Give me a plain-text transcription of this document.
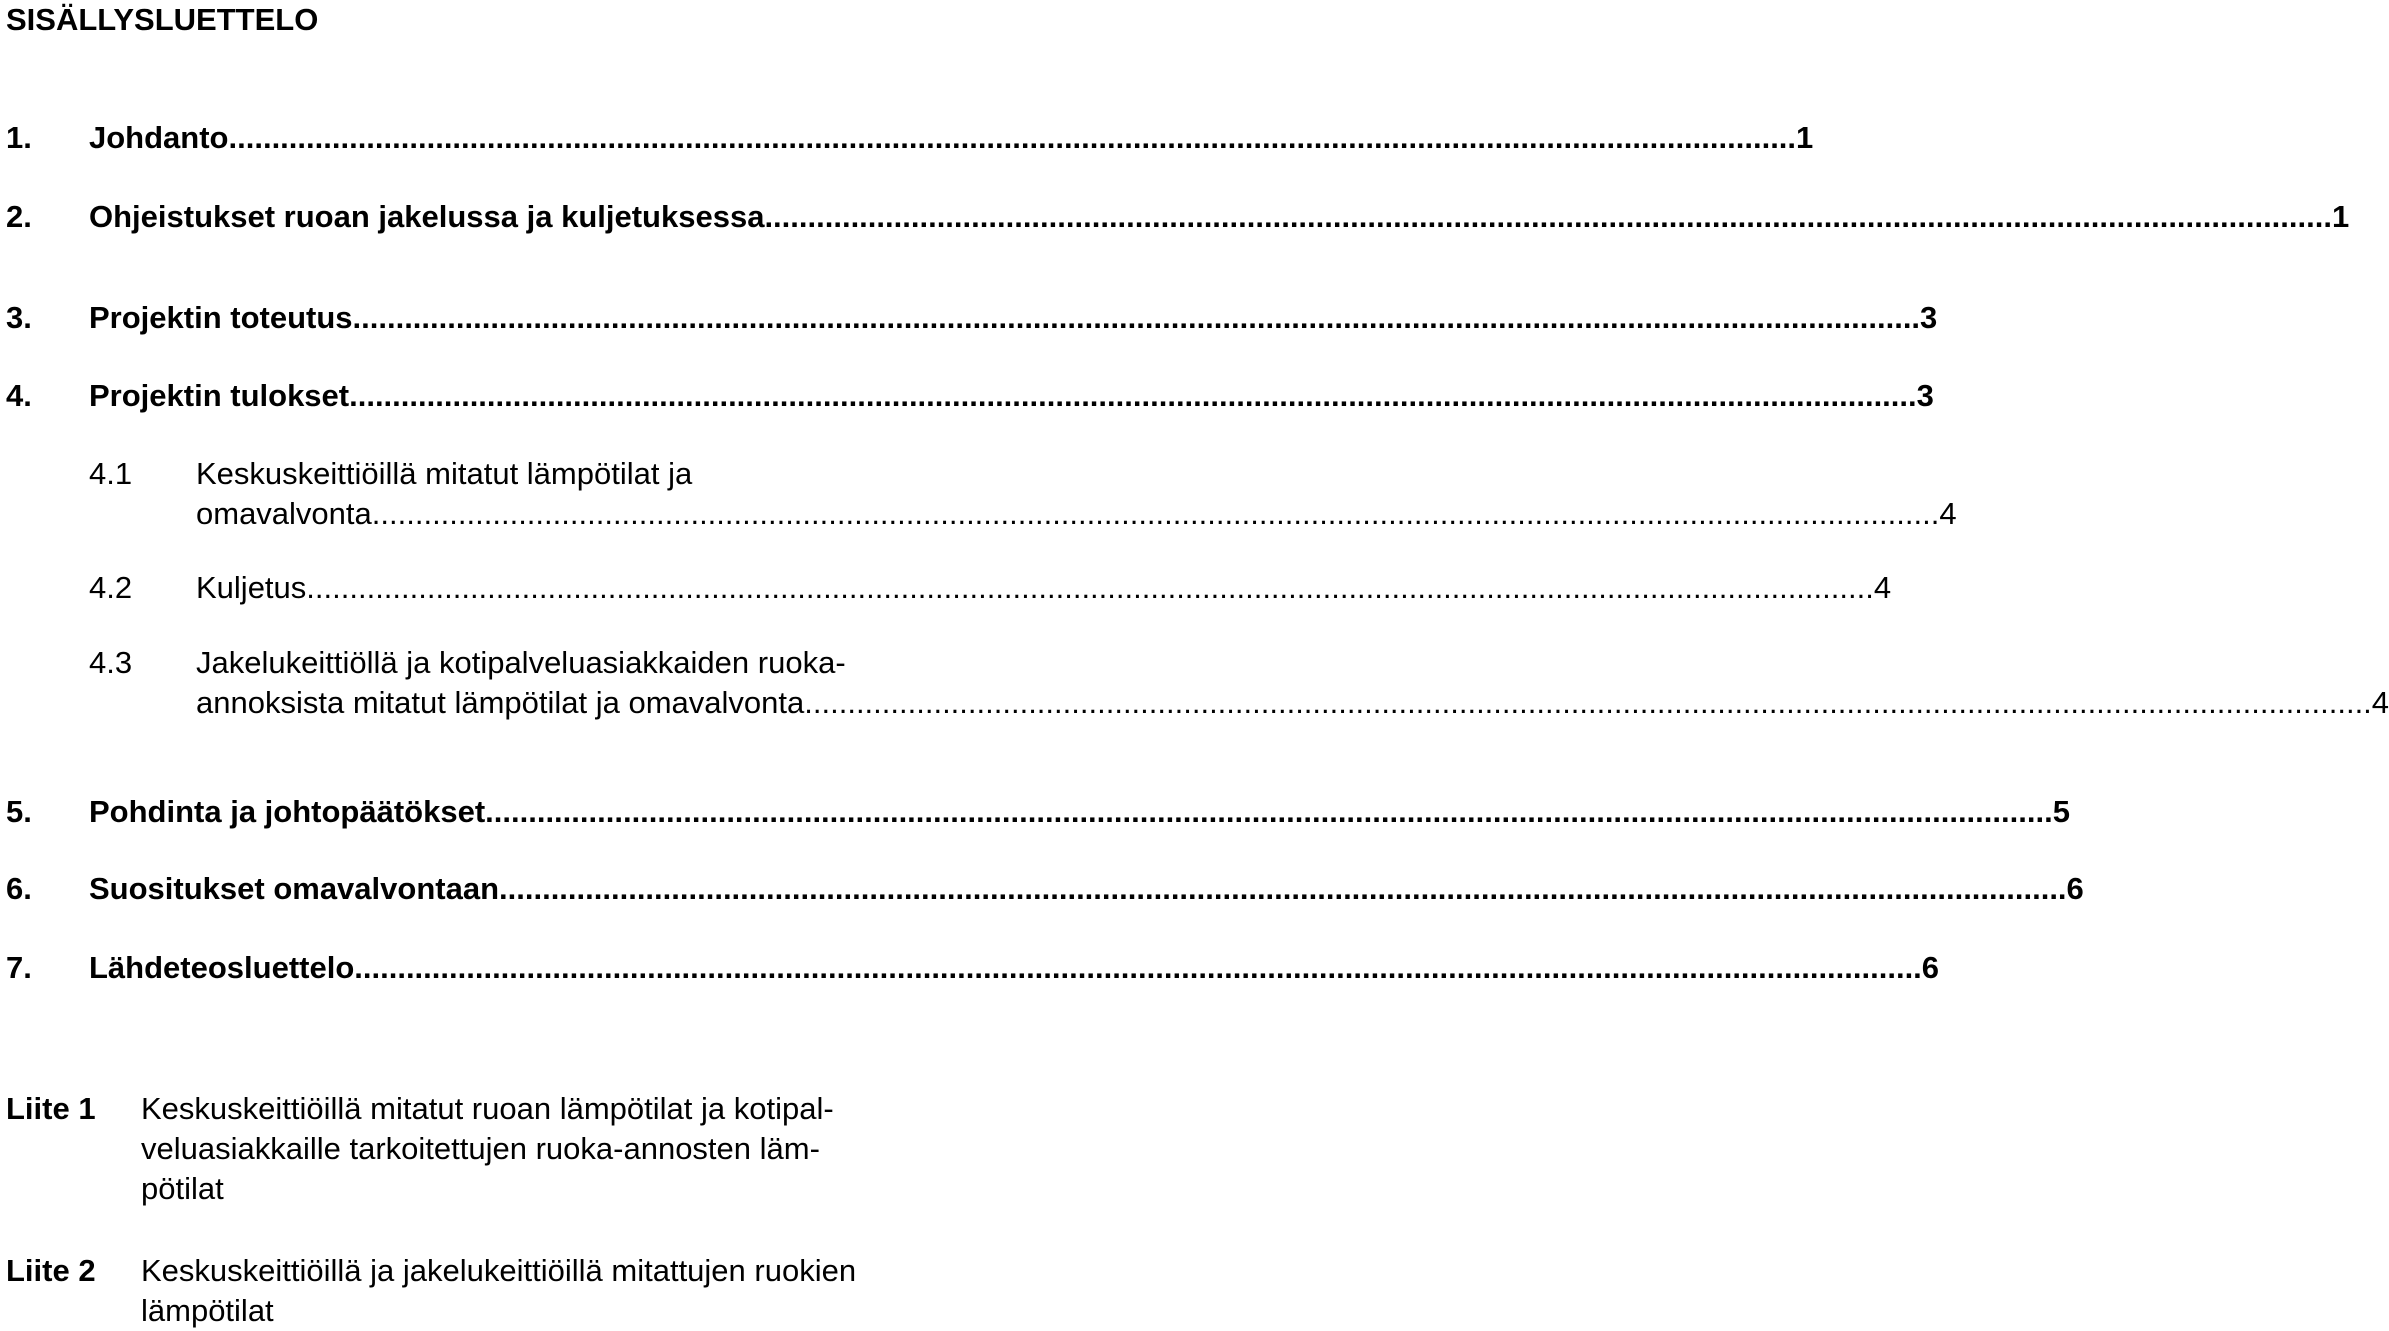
SISÄLLYSLUETTELO
1. Johdanto ...................................................................................................................................................................................... 1
2. Ohjeistukset ruoan jakelussa ja kuljetuksessa ...................................................................................................................................................................................... 1
3. Projektin toteutus ...................................................................................................................................................................................... 3
4. Projektin tulokset ...................................................................................................................................................................................... 3
4.1 Keskuskeittiöillä mitatut lämpötilat ja
omavalvonta ...................................................................................................................................................................................... 4
4.2 Kuljetus ...................................................................................................................................................................................... 4
4.3 Jakelukeittiöllä ja kotipalveluasiakkaiden ruoka-
annoksista mitatut lämpötilat ja omavalvonta ...................................................................................................................................................................................... 4
5. Pohdinta ja johtopäätökset ...................................................................................................................................................................................... 5
6. Suositukset omavalvontaan ...................................................................................................................................................................................... 6
7. Lähdeteosluettelo ...................................................................................................................................................................................... 6
Liite 1 Keskuskeittiöillä mitatut ruoan lämpötilat ja kotipal-
veluasiakkaille tarkoitettujen ruoka-annosten läm-
pötilat
Liite 2 Keskuskeittiöillä ja jakelukeittiöillä mitattujen ruokien
lämpötilat
